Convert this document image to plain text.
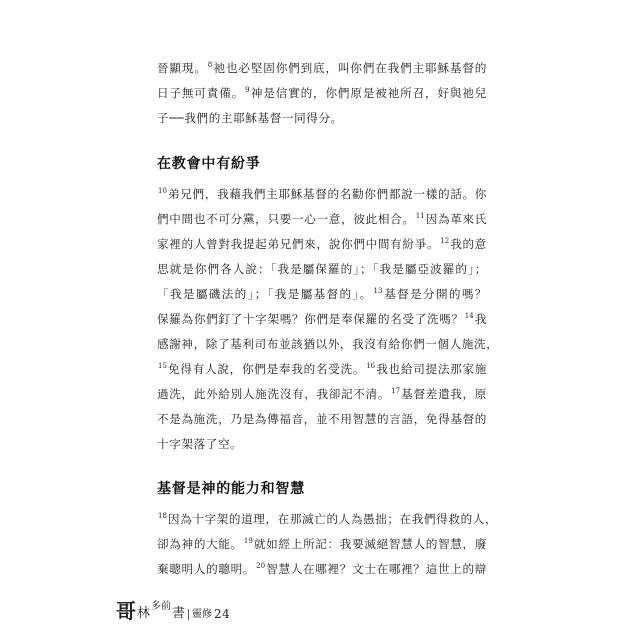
晉顯現。$^8$祂也必堅固你們到底，叫你們在我們主耶穌基督的
日子無可責備。$^9$神是信實的，你們原是被祂所召，好與祂兒
子──我們的主耶穌基督一同得分。
在教會中有紛爭
$^{10}$弟兄們，我藉我們主耶穌基督的名勸你們都說一樣的話。你
們中間也不可分黨，只要一心一意，彼此相合。$^{11}$因為革來氏
家裡的人曾對我提起弟兄們來，說你們中間有紛爭。$^{12}$我的意
思就是你們各人說：「我是屬保羅的」；「我是屬亞波羅的」；
「我是屬磯法的」；「我是屬基督的」。$^{13}$基督是分開的嗎？
保羅為你們釘了十字架嗎？你們是奉保羅的名受了洗嗎？$^{14}$我
感謝神，除了基利司布並該猶以外，我沒有給你們一個人施洗，
$^{15}$免得有人說，你們是奉我的名受洗。$^{16}$我也給司提法那家施
過洗，此外給別人施洗沒有，我卻記不清。$^{17}$基督差遣我，原
不是為施洗，乃是為傳福音，並不用智慧的言語，免得基督的
十字架落了空。
基督是神的能力和智慧
$^{18}$因為十字架的道理，在那滅亡的人為愚拙；在我們得救的人，
卻為神的大能。$^{19}$就如經上所記：我要滅絕智慧人的智慧，廢
棄聰明人的聰明。$^{20}$智慧人在哪裡？文士在哪裡？這世上的辯
哥 林 多前 書 靈修 24
